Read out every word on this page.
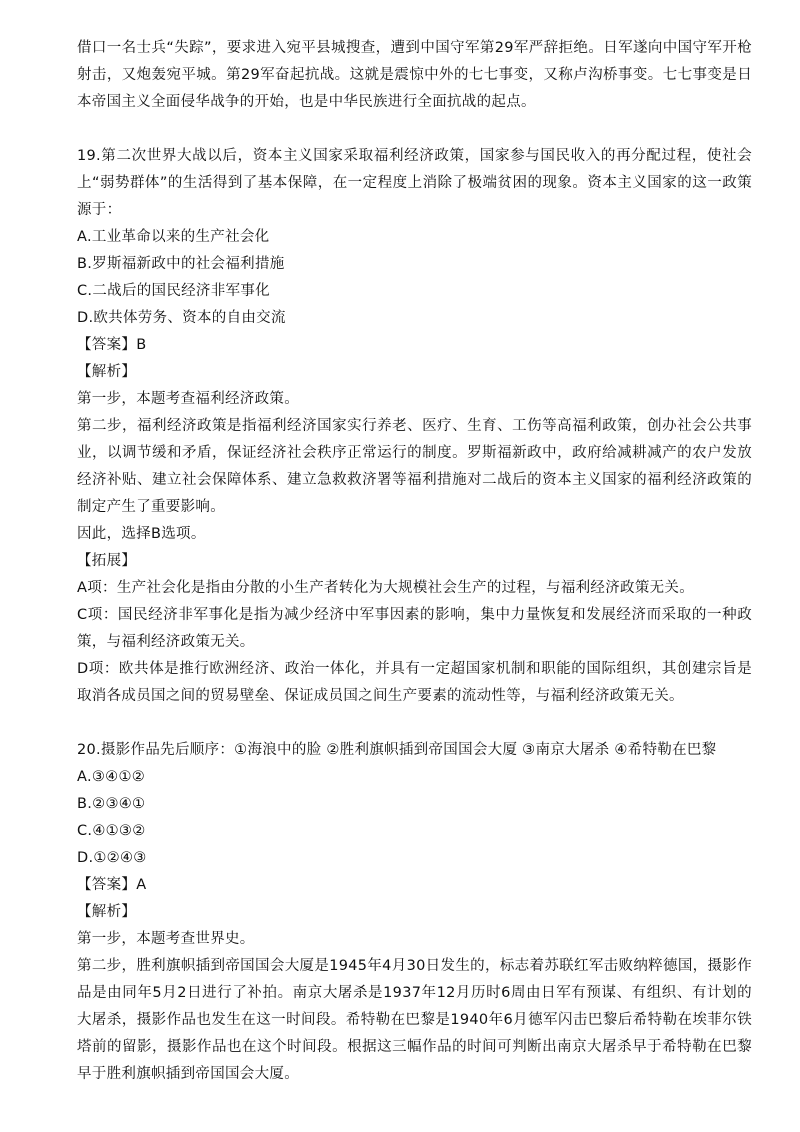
借口一名士兵“失踪”，要求进入宛平县城搜查，遭到中国守军第29军严辞拒绝。日军遂向中国守军开枪射击，又炮轰宛平城。第29军奋起抗战。这就是震惊中外的七七事变，又称卢沟桥事变。七七事变是日本帝国主义全面侵华战争的开始，也是中华民族进行全面抗战的起点。

19.第二次世界大战以后，资本主义国家采取福利经济政策，国家参与国民收入的再分配过程，使社会上“弱势群体”的生活得到了基本保障，在一定程度上消除了极端贫困的现象。资本主义国家的这一政策源于：

A.工业革命以来的生产社会化

B.罗斯福新政中的社会福利措施

C.二战后的国民经济非军事化

D.欧共体劳务、资本的自由交流

【答案】B

【解析】

第一步，本题考查福利经济政策。

第二步，福利经济政策是指福利经济国家实行养老、医疗、生育、工伤等高福利政策，创办社会公共事业，以调节缓和矛盾，保证经济社会秩序正常运行的制度。罗斯福新政中，政府给减耕减产的农户发放经济补贴、建立社会保障体系、建立急救救济署等福利措施对二战后的资本主义国家的福利经济政策的制定产生了重要影响。

因此，选择B选项。

【拓展】

A项：生产社会化是指由分散的小生产者转化为大规模社会生产的过程，与福利经济政策无关。

C项：国民经济非军事化是指为减少经济中军事因素的影响，集中力量恢复和发展经济而采取的一种政策，与福利经济政策无关。

D项：欧共体是推行欧洲经济、政治一体化，并具有一定超国家机制和职能的国际组织，其创建宗旨是取消各成员国之间的贸易壁垒、保证成员国之间生产要素的流动性等，与福利经济政策无关。

20.摄影作品先后顺序：①海浪中的脸 ②胜利旗帜插到帝国国会大厦 ③南京大屠杀 ④希特勒在巴黎

A.③④①②

B.②③④①

C.④①③②

D.①②④③

【答案】A

【解析】

第一步，本题考查世界史。

第二步，胜利旗帜插到帝国国会大厦是1945年4月30日发生的，标志着苏联红军击败纳粹德国，摄影作品是由同年5月2日进行了补拍。南京大屠杀是1937年12月历时6周由日军有预谋、有组织、有计划的大屠杀，摄影作品也发生在这一时间段。希特勒在巴黎是1940年6月德军闪击巴黎后希特勒在埃菲尔铁塔前的留影，摄影作品也在这个时间段。根据这三幅作品的时间可判断出南京大屠杀早于希特勒在巴黎早于胜利旗帜插到帝国国会大厦。
